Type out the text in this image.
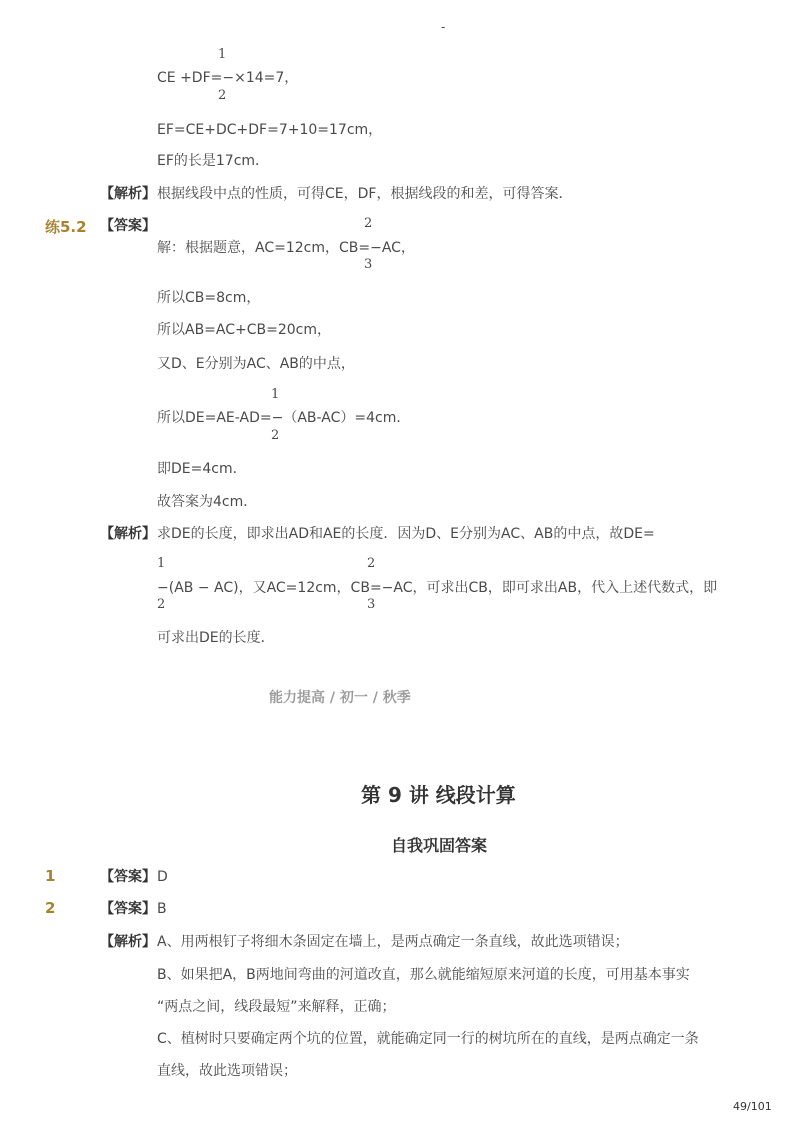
-
1
CE +DF=−×14=7，
2
EF=CE+DC+DF=7+10=17cm，
EF的长是17cm．
【解析】 根据线段中点的性质，可得CE，DF，根据线段的和差，可得答案．
练5.2 【答案】	2
解：根据题意，AC=12cm，CB=−AC，
3
所以CB=8cm，
所以AB=AC+CB=20cm，
又D、E分别为AC、AB的中点，
1
所以DE=AE-AD=−（AB-AC）=4cm．
2
即DE=4cm．
故答案为4cm．
【解析】 求DE的长度，即求出AD和AE的长度．因为D、E分别为AC、AB的中点，故DE=
1	2
−(AB − AC)，又AC=12cm，CB=−AC，可求出CB，即可求出AB，代入上述代数式，即
2	3
可求出DE的长度．
能力提高 / 初一 / 秋季
第 9 讲 线段计算
自我巩固答案
1	【答案】 D
2	【答案】 B
【解析】 A、用两根钉子将细木条固定在墙上，是两点确定一条直线，故此选项错误；
B、如果把A，B两地间弯曲的河道改直，那么就能缩短原来河道的长度，可用基本事实
“两点之间，线段最短”来解释，正确；
C、植树时只要确定两个坑的位置，就能确定同一行的树坑所在的直线，是两点确定一条
直线，故此选项错误；
49/101
